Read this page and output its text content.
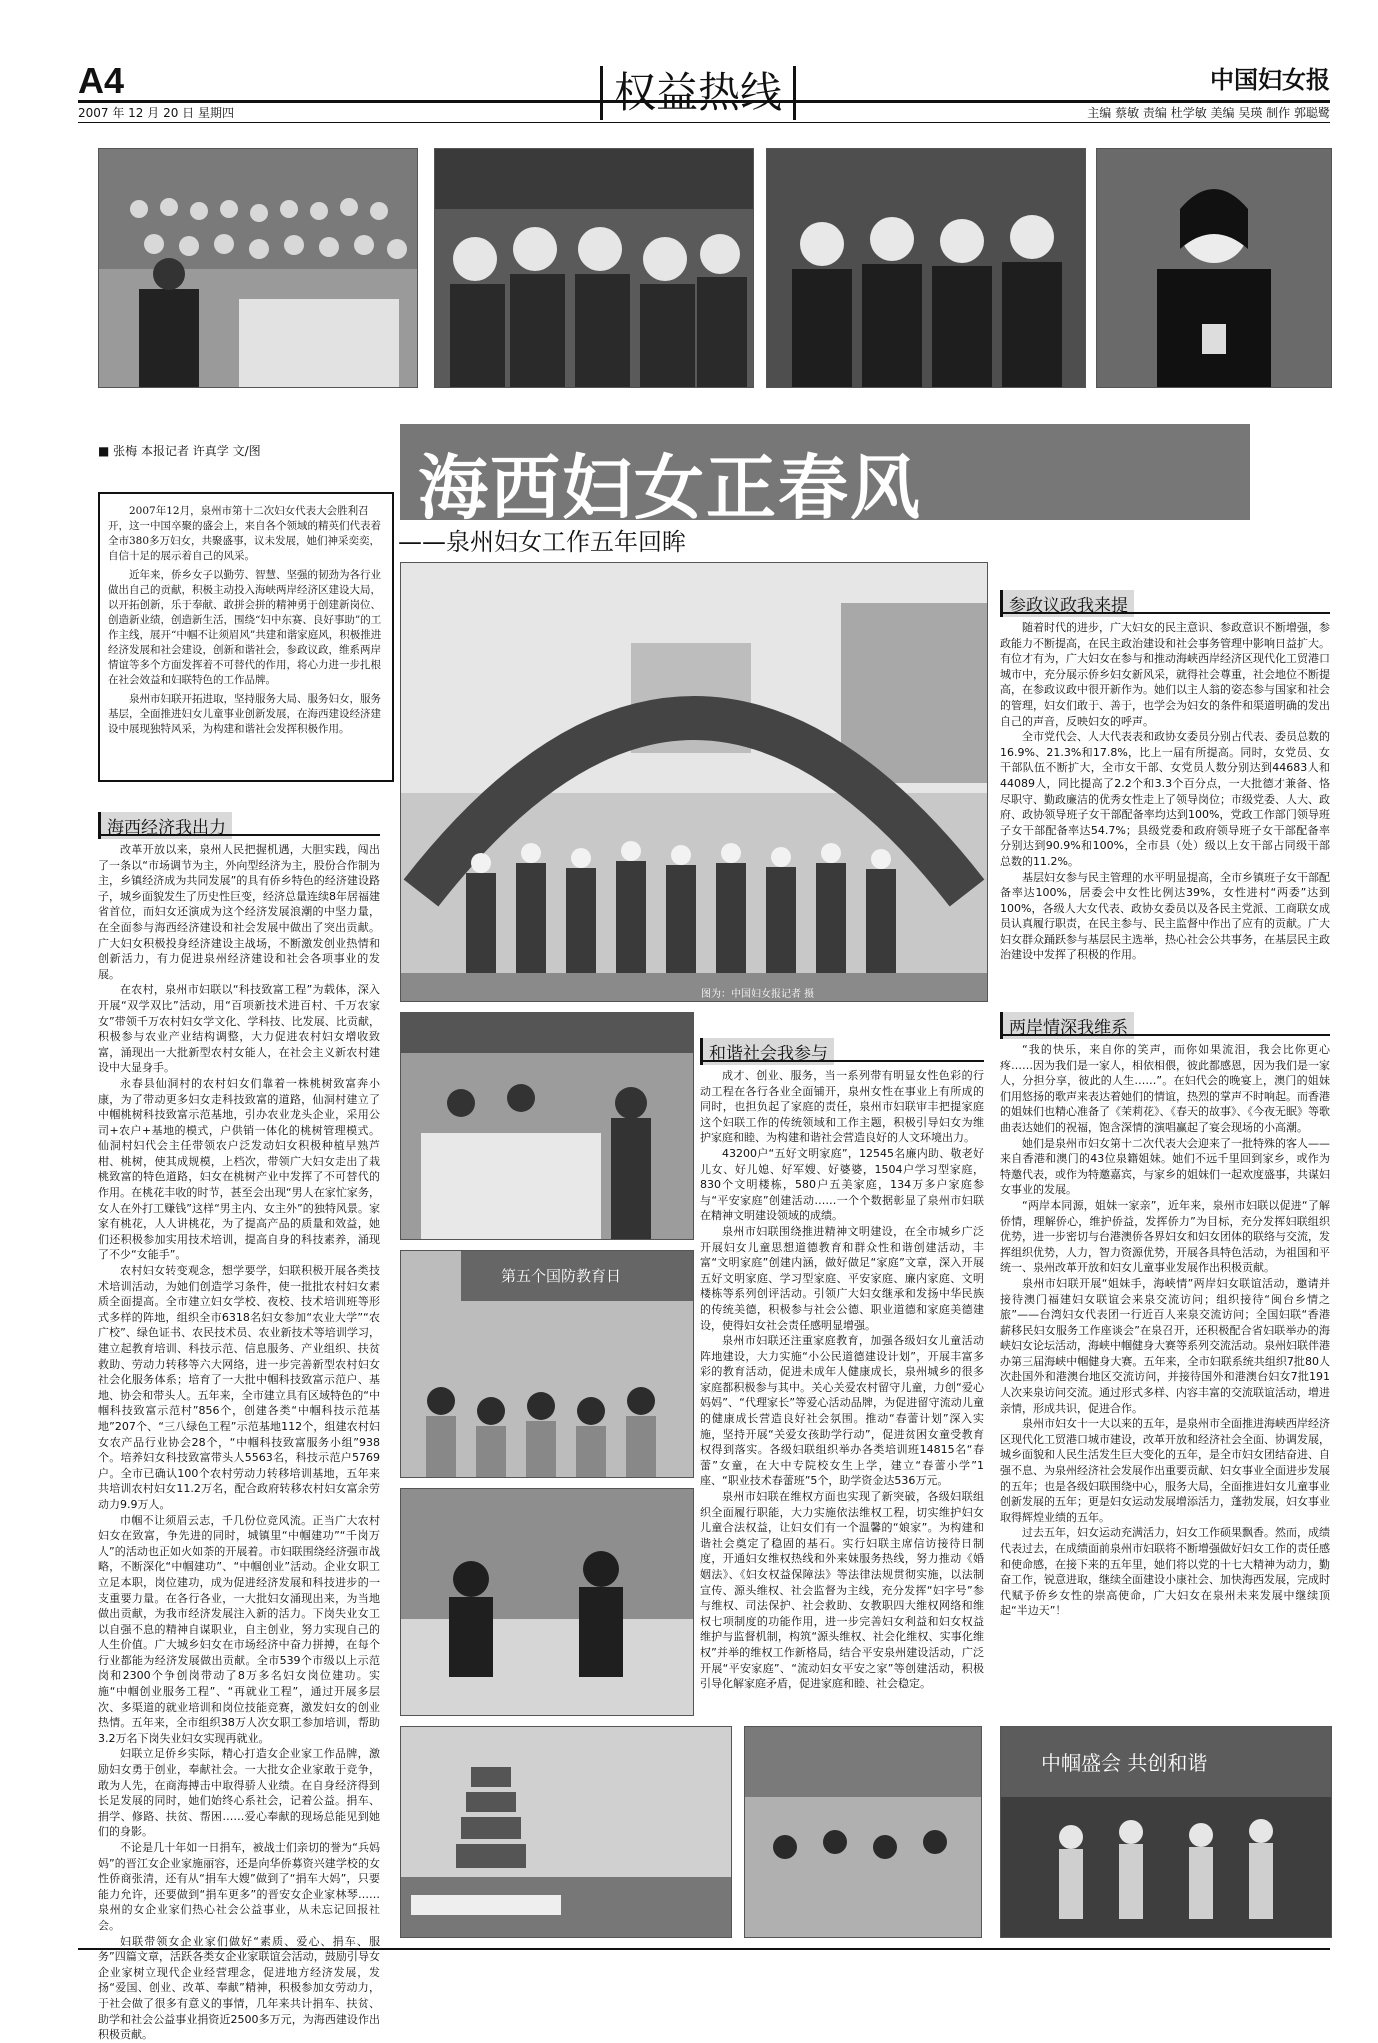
A4	权益热线	中国妇女报
2007 年 12 月 20 日 星期四	主编 蔡敏 责编 杜学敏 美编 吴瑛 制作 郭聪鹭
■ 张梅 本报记者 许真学 文/图 海西妇女正春风
——泉州妇女工作五年回眸

2007年12月，泉州市第十二次妇女代表大会胜利召开，这一中国卒聚的盛会上，来自各个领域的精英们代表着全市380多万妇女，共聚盛事，议未发展，她们神采奕奕，自信十足的展示着自己的风采。

近年来，侨乡女子以勤劳、智慧、坚强的韧劲为各行业做出自己的贡献，积极主动投入海峡两岸经济区建设大局，以开拓创新，乐于奉献、敢拼会拼的精神勇于创建新岗位、创造新业绩，创造新生活，围绕“妇中东赛、良好事助”的工作主线，展开“中帼不让须眉风”共建和谐家庭风，积极推进经济发展和社会建设，创新和谐社会，参政议政，维系两岸情谊等多个方面发挥着不可替代的作用，将心力进一步扎根在社会效益和妇联特色的工作品牌。

泉州市妇联开拓进取，坚持服务大局、服务妇女，服务基层，全面推进妇女儿童事业创新发展，在海西建设经济建设中展现独特风采，为构建和谐社会发挥积极作用。

图为：中国妇女报记者 摄
海西经济我出力

改革开放以来，泉州人民把握机遇，大胆实践，闯出了一条以“市场调节为主，外向型经济为主，股份合作制为主，乡镇经济成为共同发展”的具有侨乡特色的经济建设路子，城乡面貌发生了历史性巨变，经济总量连续8年居福建省首位，而妇女还演成为这个经济发展浪潮的中坚力量，在全面参与海西经济建设和社会发展中做出了突出贡献。广大妇女积极投身经济建设主战场，不断激发创业热情和创新活力，有力促进泉州经济建设和社会各项事业的发展。

在农村，泉州市妇联以“科技致富工程”为载体，深入开展“双学双比”活动，用“百项新技术进百村、千万农家女”带领千万农村妇女学文化、学科技、比发展、比贡献，积极参与农业产业结构调整，大力促进农村妇女增收致富，涌现出一大批新型农村女能人，在社会主义新农村建设中大显身手。

永春县仙洞村的农村妇女们靠着一株桃树致富奔小康，为了带动更多妇女走科技致富的道路，仙洞村建立了中帼桃树科技致富示范基地，引办农业龙头企业，采用公司+农户+基地的模式，户供销一体化的桃树管理模式。仙洞村妇代会主任带领农户泛发动妇女积极种植早熟芦柑、桃树，使其成规模，上档次，带领广大妇女走出了栽桃致富的特色道路，妇女在桃树产业中发挥了不可替代的作用。在桃花丰收的时节，甚至会出现“男人在家忙家务，女人在外打工赚钱”这样“男主内、女主外”的独特风景。家家有桃花，人人讲桃花，为了提高产品的质量和效益，她们还积极参加实用技术培训，提高自身的科技素养，涌现了不少“女能手”。

农村妇女转变观念，想学要学，妇联积极开展各类技术培训活动，为她们创造学习条件，使一批批农村妇女素质全面提高。全市建立妇女学校、夜校、技术培训班等形式多样的阵地，组织全市6318名妇女参加“农业大学”“农广校”、绿色证书、农民技术员、农业新技术等培训学习，建立起教育培训、科技示范、信息服务、产业组织、扶贫救助、劳动力转移等六大网络，进一步完善新型农村妇女社会化服务体系；培育了一大批中帼科技致富示范户、基地、协会和带头人。五年来，全市建立具有区域特色的“中帼科技致富示范村”856个，创建各类“中帼科技示范基地”207个、“三八绿色工程”示范基地112个，组建农村妇女农产品行业协会28个，“中帼科技致富服务小组”938个。培养妇女科技致富带头人5563名，科技示范户5769户。全市已确认100个农村劳动力转移培训基地，五年来共培训农村妇女11.2万名，配合政府转移农村妇女富余劳动力9.9万人。

巾帼不让须眉云志，千几份位竞风流。正当广大农村妇女在致富，争先进的同时，城镇里“中帼建功”“千岗万人”的活动也正如火如荼的开展着。市妇联围绕经济强市战略，不断深化“中帼建功”、“中帼创业”活动。企业女职工立足本职，岗位建功，成为促进经济发展和科技进步的一支重要力量。在各行各业，一大批妇女涌现出来，为当地做出贡献，为我市经济发展注入新的活力。下岗失业女工以自强不息的精神自谋职业，自主创业，努力实现自己的人生价值。广大城乡妇女在市场经济中奋力拼搏，在每个行业都能为经济发展做出贡献。全市539个市级以上示范岗和2300个争创岗带动了8万多名妇女岗位建功。实施“中帼创业服务工程”、“再就业工程”，通过开展多层次、多渠道的就业培训和岗位技能竞赛，激发妇女的创业热情。五年来，全市组织38万人次女职工参加培训，帮助3.2万名下岗失业妇女实现再就业。

妇联立足侨乡实际，精心打造女企业家工作品牌，激励妇女勇于创业，奉献社会。一大批女企业家敢于竞争，敢为人先，在商海搏击中取得骄人业绩。在自身经济得到长足发展的同时，她们始终心系社会，记着公益。捐车、捐学、修路、扶贫、帮困……爱心奉献的现场总能见到她们的身影。

不论是几十年如一日捐车，被战士们亲切的誉为“兵妈妈”的晋江女企业家施丽容，还是向华侨募资兴建学校的女性侨商张清，还有从“捐车大嫂”做到了“捐车大妈”，只要能力允许，还要做到“捐车更多”的晋安女企业家林琴……泉州的女企业家们热心社会公益事业，从未忘记回报社会。

妇联带领女企业家们做好“素质、爱心、捐车、服务”四篇文章，活跃各类女企业家联谊会活动，鼓励引导女企业家树立现代企业经营理念，促进地方经济发展，发扬“爱国、创业、改革、奉献”精神，积极参加女劳动力，于社会做了很多有意义的事情，几年来共计捐车、扶贫、助学和社会公益事业捐资近2500多万元，为海西建设作出积极贡献。

参政议政我来提

随着时代的进步，广大妇女的民主意识、参政意识不断增强，参政能力不断提高，在民主政治建设和社会事务管理中影响日益扩大。有位才有为，广大妇女在参与和推动海峡西岸经济区现代化工贸港口城市中，充分展示侨乡妇女新风采，就得社会尊重，社会地位不断提高，在参政议政中很开新作为。她们以主人翁的姿态参与国家和社会的管理，妇女们敢于、善于，也学会为妇女的条件和渠道明确的发出自己的声音，反映妇女的呼声。

全市党代会、人大代表表和政协女委员分别占代表、委员总数的16.9%、21.3%和17.8%，比上一届有所提高。同时，女党员、女干部队伍不断扩大，全市女干部、女党员人数分别达到44683人和44089人，同比提高了2.2个和3.3个百分点，一大批德才兼备、恪尽职守、勤政廉洁的优秀女性走上了领导岗位；市级党委、人大、政府、政协领导班子女干部配备率均达到100%，党政工作部门领导班子女干部配备率达54.7%；县级党委和政府领导班子女干部配备率分别达到90.9%和100%，全市县（处）级以上女干部占同级干部总数的11.2%。

基层妇女参与民主管理的水平明显提高，全市乡镇班子女干部配备率达100%，居委会中女性比例达39%，女性进村“两委”达到100%，各级人大女代表、政协女委员以及各民主党派、工商联女成员认真履行职责，在民主参与、民主监督中作出了应有的贡献。广大妇女群众踊跃参与基层民主选举，热心社会公共事务，在基层民主政治建设中发挥了积极的作用。

第五个国防教育日
中帼盛会 共创和谐
和谐社会我参与

成才、创业、服务，当一系列带有明显女性色彩的行动工程在各行各业全面铺开，泉州女性在事业上有所成的同时，也担负起了家庭的责任，泉州市妇联审丰把提家庭这个妇联工作的传统领域和工作主题，积极引导妇女为维护家庭和睦、为构建和谐社会营造良好的人文环境出力。

43200户“五好文明家庭”，12545名廉内助、敬老好儿女、好儿媳、好军嫂、好婆婆，1504户学习型家庭，830个文明楼栋，580户五美家庭，134万多户家庭参与“平安家庭”创建活动……一个个数据彰显了泉州市妇联在精神文明建设领域的成绩。

泉州市妇联围绕推进精神文明建设，在全市城乡广泛开展妇女儿童思想道德教育和群众性和谐创建活动，丰富“文明家庭”创建内涵，做好做足“家庭”文章，深入开展五好文明家庭、学习型家庭、平安家庭、廉内家庭、文明楼栋等系列创评活动。引领广大妇女继承和发扬中华民族的传统美德，积极参与社会公德、职业道德和家庭美德建设，使得妇女社会责任感明显增强。

泉州市妇联还注重家庭教育，加强各级妇女儿童活动阵地建设，大力实施“小公民道德建设计划”，开展丰富多彩的教育活动，促进未成年人健康成长，泉州城乡的很多家庭都积极参与其中。关心关爱农村留守儿童，力创“爱心妈妈”、“代理家长”等爱心活动品牌，为促进留守流动儿童的健康成长营造良好社会氛围。推动“春蕾计划”深入实施，坚持开展“关爱女孩助学行动”，促进贫困女童受教育权得到落实。各级妇联组织举办各类培训班14815名“春蕾”女童，在大中专院校女生上学，建立“春蕾小学”1座、“职业技术春蕾班”5个，助学资金达536万元。

泉州市妇联在维权方面也实现了新突破，各级妇联组织全面履行职能，大力实施依法维权工程，切实维护妇女儿童合法权益，让妇女们有一个温馨的“娘家”。为构建和谐社会奠定了稳固的基石。实行妇联主席信访接待日制度，开通妇女维权热线和外来妹服务热线，努力推动《婚姻法》、《妇女权益保障法》等法律法规贯彻实施，以法制宣传、源头维权、社会监督为主线，充分发挥“妇字号”参与维权、司法保护、社会救助、女教职四大维权网络和维权七项制度的功能作用，进一步完善妇女利益和妇女权益维护与监督机制，构筑“源头维权、社会化维权、实事化维权”并举的维权工作新格局，结合平安泉州建设活动，广泛开展“平安家庭”、“流动妇女平安之家”等创建活动，积极引导化解家庭矛盾，促进家庭和睦、社会稳定。

两岸情深我维系

“我的快乐，来自你的笑声，而你如果流泪，我会比你更心疼……因为我们是一家人，相依相偎，彼此都感恩，因为我们是一家人，分担分享，彼此的人生……”。在妇代会的晚宴上，澳门的姐妹们用悠扬的歌声来表达着她们的情谊，热烈的掌声不时响起。而香港的姐妹们也精心准备了《茉莉花》、《春天的故事》、《今夜无眠》等歌曲表达她们的祝福，饱含深情的演唱赢起了宴会现场的小高潮。

她们是泉州市妇女第十二次代表大会迎来了一批特殊的客人——来自香港和澳门的43位泉籍姐妹。她们不远千里回到家乡，或作为特邀代表，或作为特邀嘉宾，与家乡的姐妹们一起欢度盛事，共谋妇女事业的发展。

“两岸本同源，姐妹一家亲”，近年来，泉州市妇联以促进“了解侨情，理解侨心，维护侨益，发挥侨力”为目标，充分发挥妇联组织优势，进一步密切与台港澳侨各界妇女和妇女团体的联络与交流，发挥组织优势，人力，智力资源优势，开展各具特色活动，为祖国和平统一、泉州改革开放和妇女儿童事业发展作出积极贡献。

泉州市妇联开展“姐妹手，海峡情”两岸妇女联谊活动，邀请并接待澳门福建妇女联谊会来泉交流访问；组织接待“闽台乡情之旅”——台湾妇女代表团一行近百人来泉交流访问；全国妇联“香港薪移民妇女服务工作座谈会”在泉召开，还积极配合省妇联举办的海峡妇女论坛活动，海峡中帼健身大赛等系列交流活动。泉州妇联伴港办第三届海峡中帼健身大赛。五年来，全市妇联系统共组织7批80人次赴国外和港澳台地区交流访问，并接待国外和港澳台妇女7批191人次来泉访问交流。通过形式多样、内容丰富的交流联谊活动，增进亲情，形成共识，促进合作。

泉州市妇女十一大以来的五年，是泉州市全面推进海峡西岸经济区现代化工贸港口城市建设，改革开放和经济社会全面、协调发展，城乡面貌和人民生活发生巨大变化的五年，是全市妇女团结奋进、自强不息、为泉州经济社会发展作出重要贡献、妇女事业全面进步发展的五年；也是各级妇联围绕中心，服务大局，全面推进妇女儿童事业创新发展的五年；更是妇女运动发展增添活力，蓬勃发展，妇女事业取得辉煌业绩的五年。

过去五年，妇女运动充满活力，妇女工作硕果飘香。然而，成绩代表过去，在成绩面前泉州市妇联将不断增强做好妇女工作的责任感和使命感，在接下来的五年里，她们将以党的十七大精神为动力，勤奋工作，锐意进取，继续全面建设小康社会、加快海西发展，完成时代赋予侨乡女性的崇高使命，广大妇女在泉州未来发展中继续顶起“半边天”！
